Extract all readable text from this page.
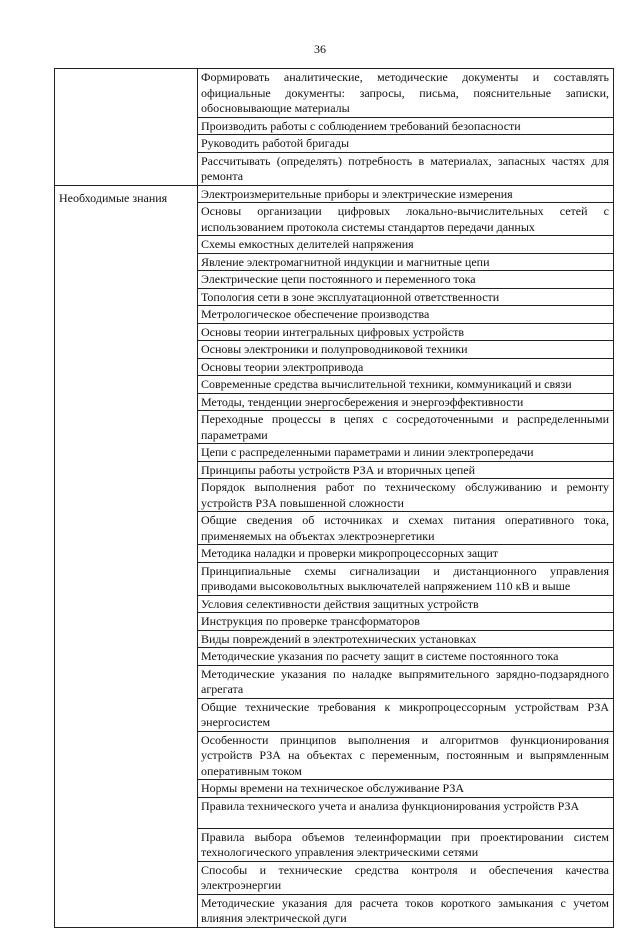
36
	Формировать аналитические, методические документы и составлять официальные документы: запросы, письма, пояснительные записки, обосновывающие материалы
	Производить работы с соблюдением требований безопасности
	Руководить работой бригады
	Рассчитывать (определять) потребность в материалах, запасных частях для ремонта
Необходимые знания	Электроизмерительные приборы и электрические измерения
	Основы организации цифровых локально-вычислительных сетей с использованием протокола системы стандартов передачи данных
	Схемы емкостных делителей напряжения
	Явление электромагнитной индукции и магнитные цепи
	Электрические цепи постоянного и переменного тока
	Топология сети в зоне эксплуатационной ответственности
	Метрологическое обеспечение производства
	Основы теории интегральных цифровых устройств
	Основы электроники и полупроводниковой техники
	Основы теории электропривода
	Современные средства вычислительной техники, коммуникаций и связи
	Методы, тенденции энергосбережения и энергоэффективности
	Переходные процессы в цепях с сосредоточенными и распределенными параметрами
	Цепи с распределенными параметрами и линии электропередачи
	Принципы работы устройств РЗА и вторичных цепей
	Порядок выполнения работ по техническому обслуживанию и ремонту устройств РЗА повышенной сложности
	Общие сведения об источниках и схемах питания оперативного тока, применяемых на объектах электроэнергетики
	Методика наладки и проверки микропроцессорных защит
	Принципиальные схемы сигнализации и дистанционного управления приводами высоковольтных выключателей напряжением 110 кВ и выше
	Условия селективности действия защитных устройств
	Инструкция по проверке трансформаторов
	Виды повреждений в электротехнических установках
	Методические указания по расчету защит в системе постоянного тока
	Методические указания по наладке выпрямительного зарядно-подзарядного агрегата
	Общие технические требования к микропроцессорным устройствам РЗА энергосистем
	Особенности принципов выполнения и алгоритмов функционирования устройств РЗА на объектах с переменным, постоянным и выпрямленным оперативным током
	Нормы времени на техническое обслуживание РЗА
	Правила технического учета и анализа функционирования устройств РЗА
	Правила выбора объемов телеинформации при проектировании систем технологического управления электрическими сетями
	Способы и технические средства контроля и обеспечения качества электроэнергии
	Методические указания для расчета токов короткого замыкания с учетом влияния электрической дуги
